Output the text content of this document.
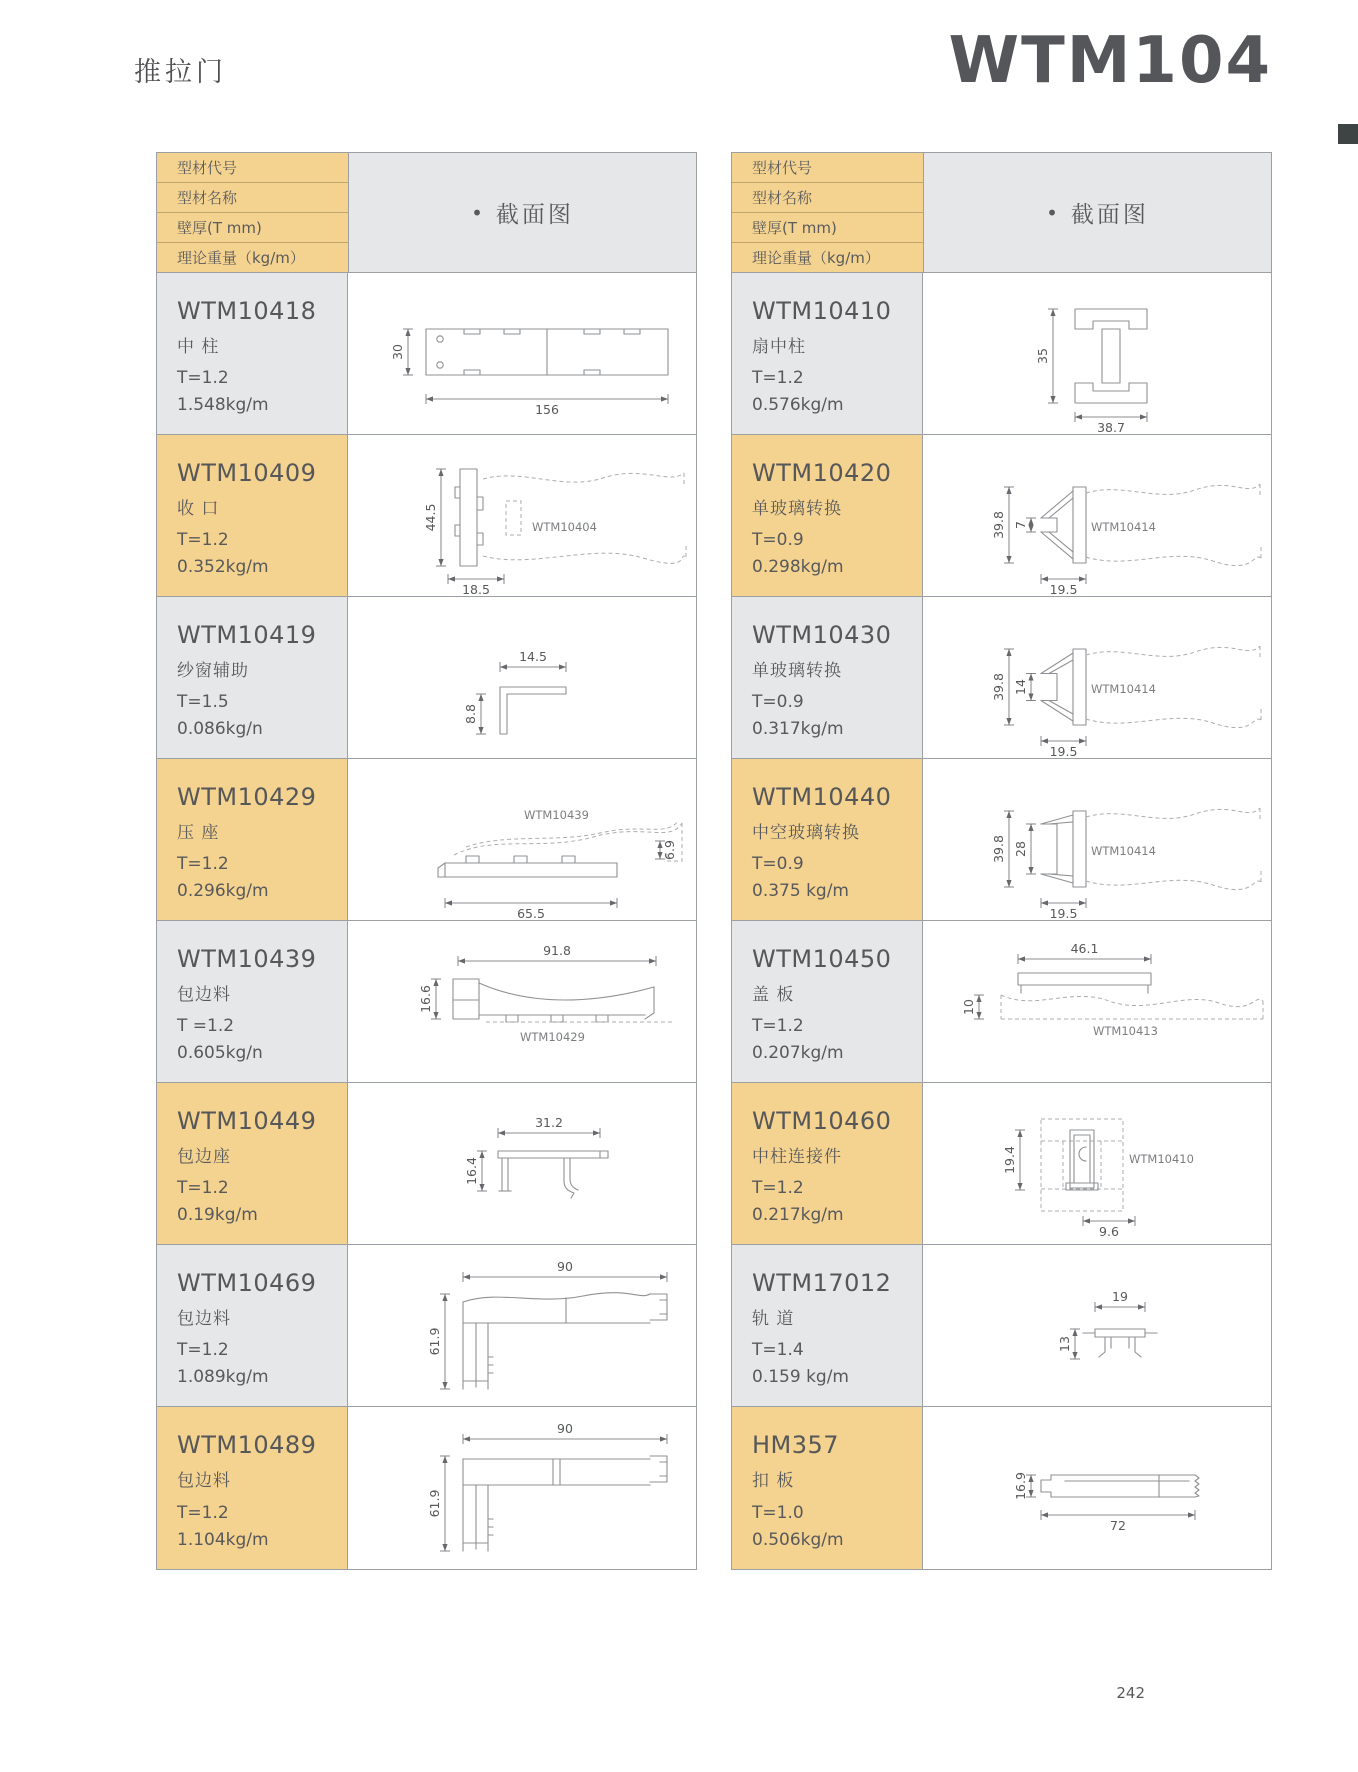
推拉门	WTM104
型材代号
型材名称
壁厚(T mm)
理论重量（kg/m）
• 截面图
WTM10418
中 柱
T=1.2
1.548kg/m
30
156
WTM10409
收 口
T=1.2
0.352kg/m
WTM10404
44.5
18.5
WTM10419
纱窗辅助
T=1.5
0.086kg/n
14.5
8.8
WTM10429
压 座
T=1.2
0.296kg/m
WTM10439
6.9
65.5
WTM10439
包边料
T =1.2
0.605kg/n
WTM10429
91.8
16.6
WTM10449
包边座
T=1.2
0.19kg/m
31.2
16.4
WTM10469
包边料
T=1.2
1.089kg/m
90
61.9
WTM10489
包边料
T=1.2
1.104kg/m
90
61.9
型材代号
型材名称
壁厚(T mm)
理论重量（kg/m）
• 截面图
WTM10410
扇中柱
T=1.2
0.576kg/m
35
38.7
WTM10420
单玻璃转换
T=0.9
0.298kg/m
WTM10414
39.8 7
19.5
WTM10430
单玻璃转换
T=0.9
0.317kg/m
WTM10414
39.8 14
19.5
WTM10440
中空玻璃转换
T=0.9
0.375 kg/m
WTM10414
39.8 28
19.5
WTM10450
盖 板
T=1.2
0.207kg/m
WTM10413
46.1
10
WTM10460
中柱连接件
T=1.2
0.217kg/m
WTM10410
19.4
9.6
WTM17012
轨 道
T=1.4
0.159 kg/m
19
13
HM357
扣 板
T=1.0
0.506kg/m
16.9
72
242
